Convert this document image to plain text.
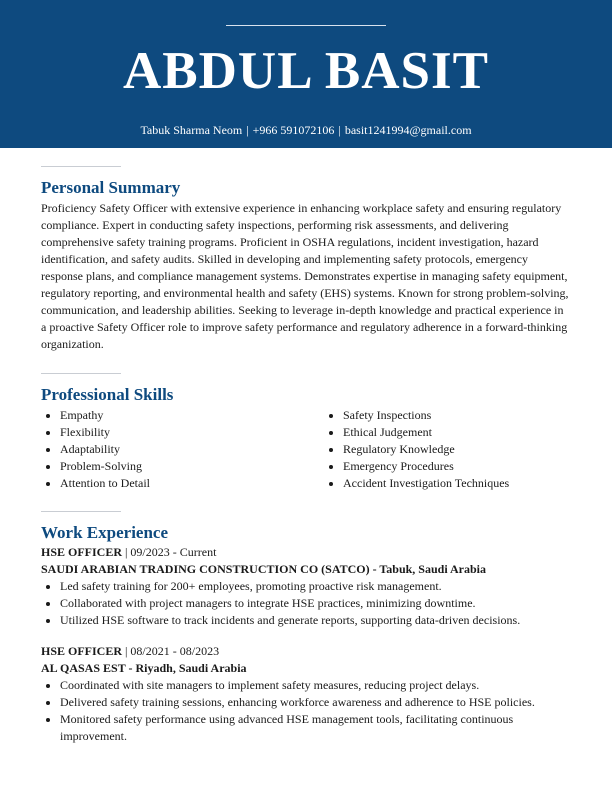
ABDUL BASIT
Tabuk Sharma Neom | +966 591072106 | basit1241994@gmail.com
Personal Summary

Proficiency Safety Officer with extensive experience in enhancing workplace safety and ensuring regulatory compliance. Expert in conducting safety inspections, performing risk assessments, and delivering comprehensive safety training programs. Proficient in OSHA regulations, incident investigation, hazard identification, and safety audits. Skilled in developing and implementing safety protocols, emergency response plans, and compliance management systems. Demonstrates expertise in managing safety equipment, regulatory reporting, and environmental health and safety (EHS) systems. Known for strong problem-solving, communication, and leadership abilities. Seeking to leverage in-depth knowledge and practical experience in a proactive Safety Officer role to improve safety performance and regulatory adherence in a forward-thinking organization.

Professional Skills
Empathy
Flexibility
Adaptability
Problem-Solving
Attention to Detail
Safety Inspections
Ethical Judgement
Regulatory Knowledge
Emergency Procedures
Accident Investigation Techniques
Work Experience
HSE OFFICER | 09/2023 - Current
SAUDI ARABIAN TRADING CONSTRUCTION CO (SATCO) - Tabuk, Saudi Arabia
Led safety training for 200+ employees, promoting proactive risk management.
Collaborated with project managers to integrate HSE practices, minimizing downtime.
Utilized HSE software to track incidents and generate reports, supporting data-driven decisions.
HSE OFFICER | 08/2021 - 08/2023
AL QASAS EST - Riyadh, Saudi Arabia
Coordinated with site managers to implement safety measures, reducing project delays.
Delivered safety training sessions, enhancing workforce awareness and adherence to HSE policies.
Monitored safety performance using advanced HSE management tools, facilitating continuous improvement.
